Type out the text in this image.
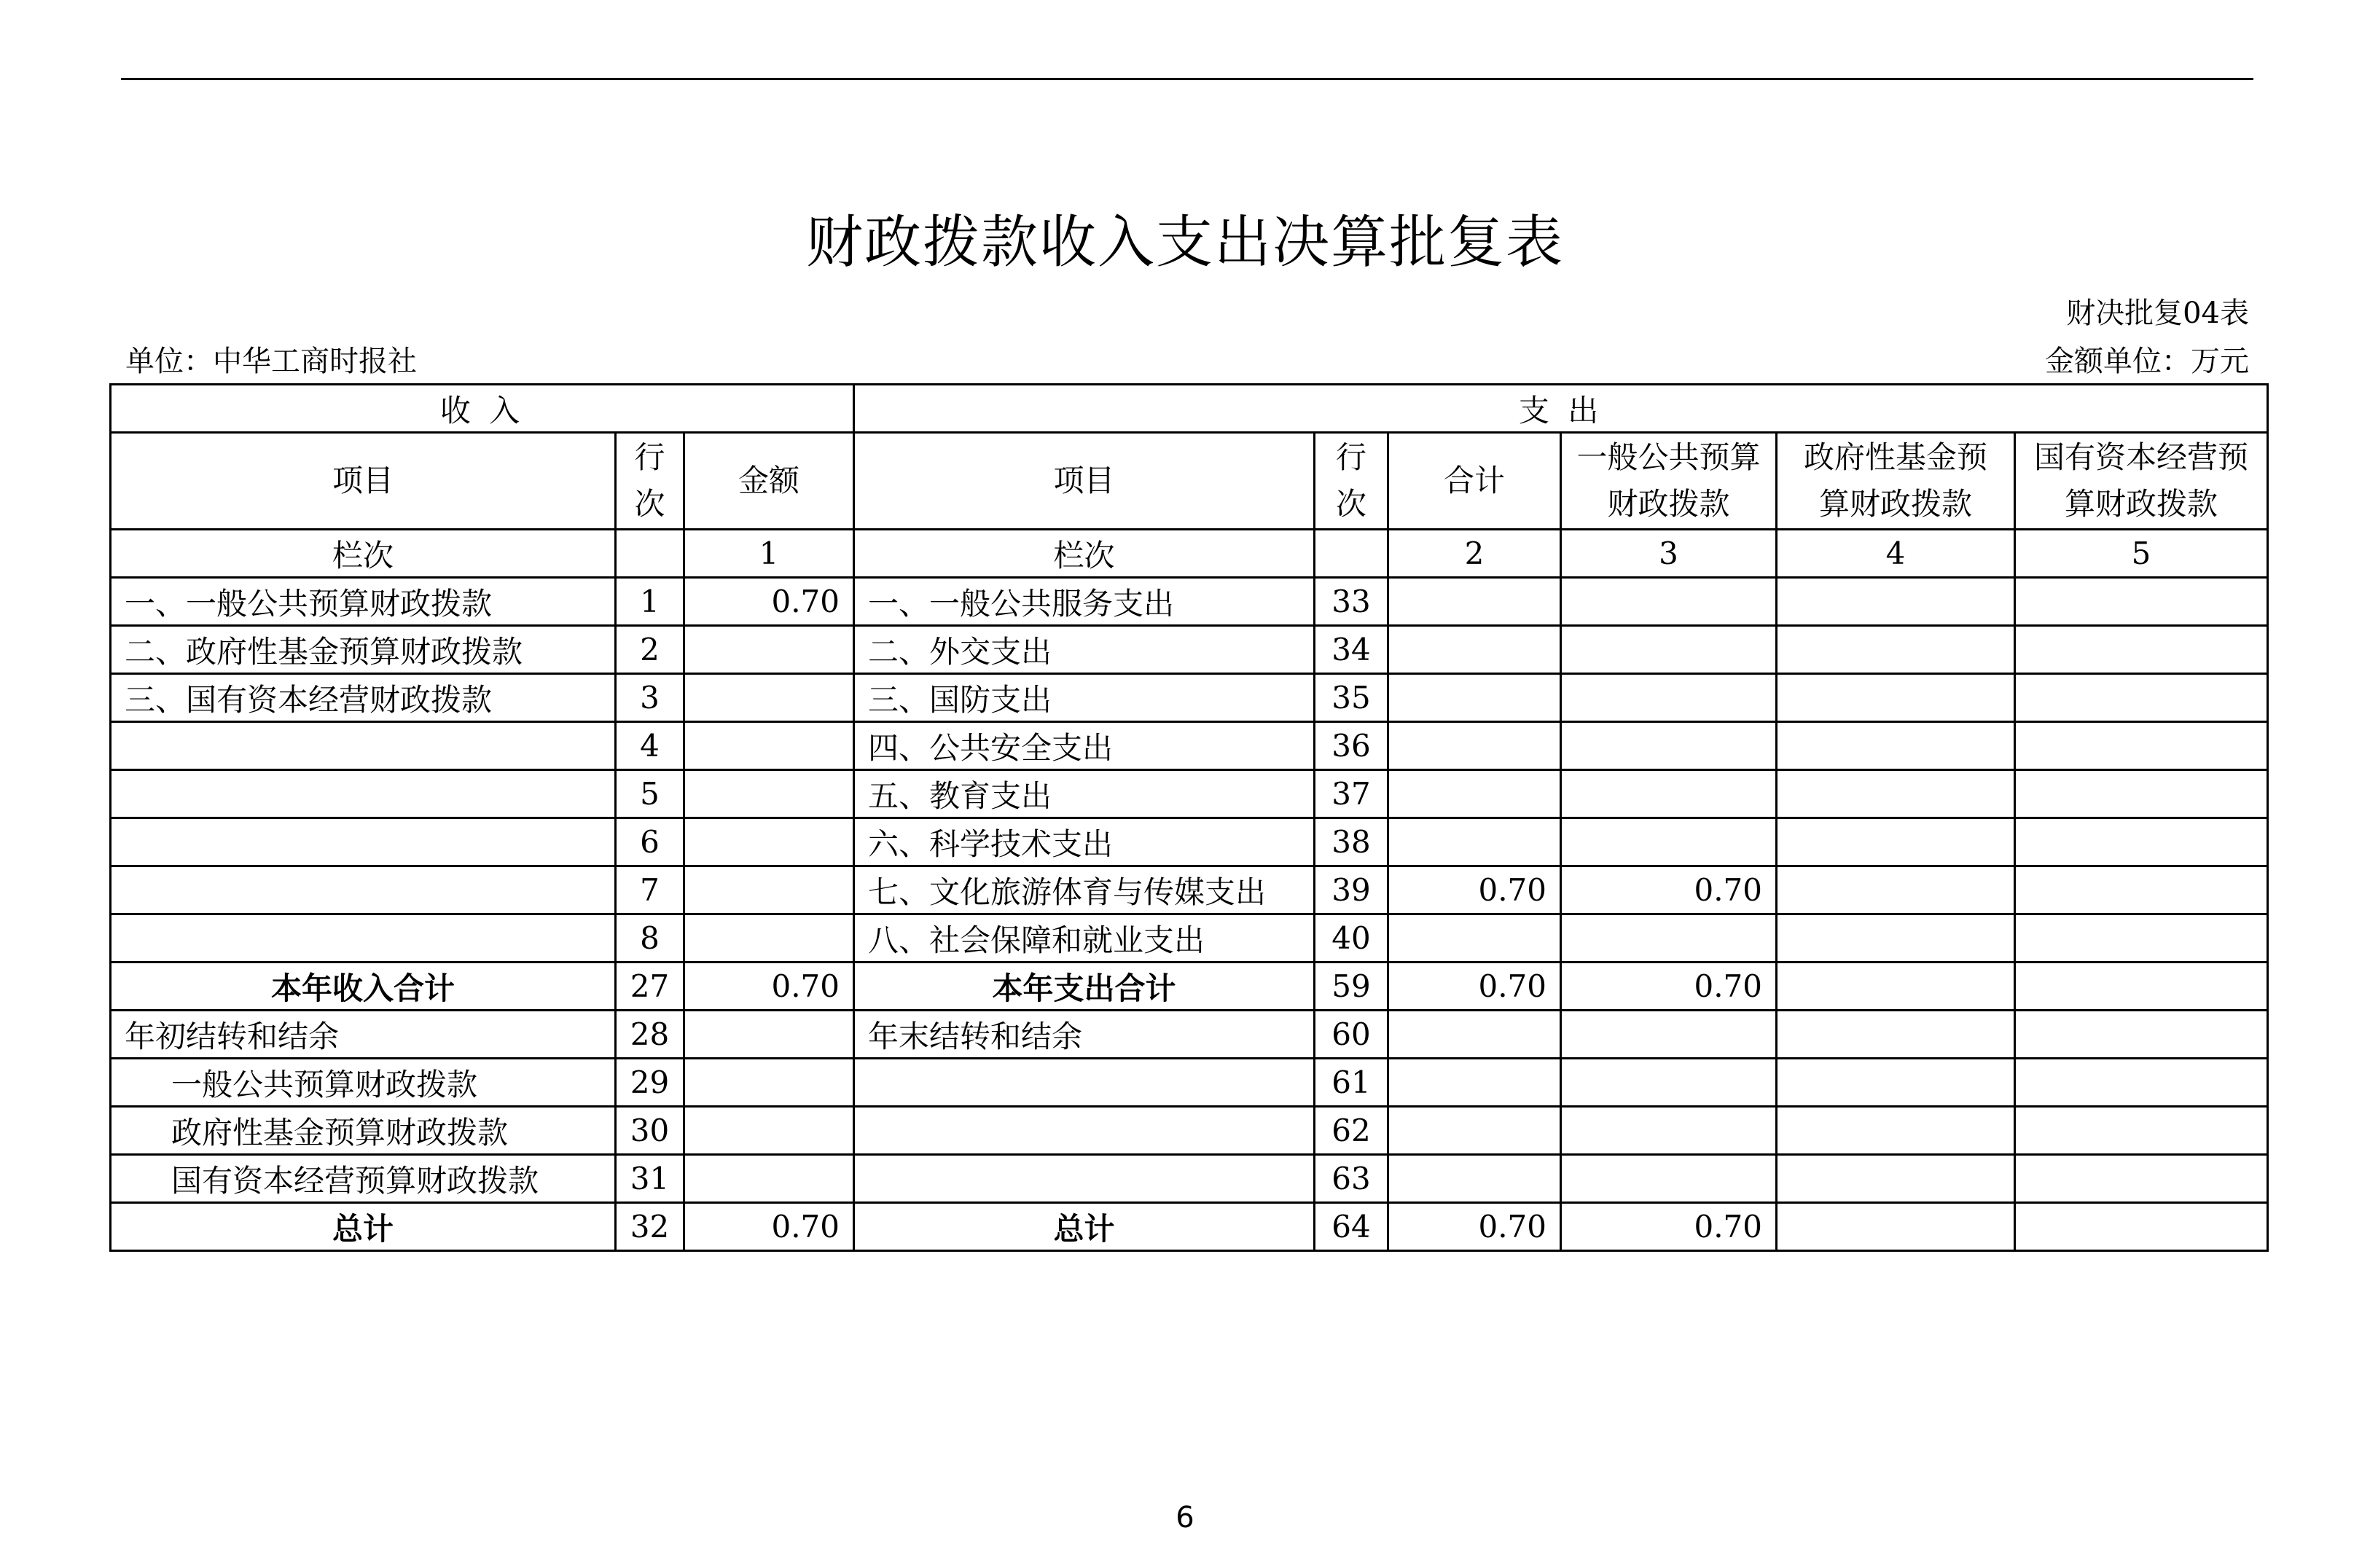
财政拨款收入支出决算批复表
财决批复04表
单位：中华工商时报社	金额单位：万元
收 入			支 出					
项目	行次	金额	项目	行次	合计	一般公共预算财政拨款	政府性基金预算财政拨款	国有资本经营预算财政拨款
栏次		1	栏次		2	3	4	5
一、一般公共预算财政拨款	1	0.70	一、一般公共服务支出	33				
二、政府性基金预算财政拨款	2		二、外交支出	34				
三、国有资本经营财政拨款	3		三、国防支出	35				
	4		四、公共安全支出	36				
	5		五、教育支出	37				
	6		六、科学技术支出	38				
	7		七、文化旅游体育与传媒支出	39	0.70	0.70		
	8		八、社会保障和就业支出	40				
本年收入合计	27	0.70	本年支出合计	59	0.70	0.70		
年初结转和结余	28		年末结转和结余	60				
一般公共预算财政拨款	29			61				
政府性基金预算财政拨款	30			62				
国有资本经营预算财政拨款	31			63				
总计	32	0.70	总计	64	0.70	0.70		
6
